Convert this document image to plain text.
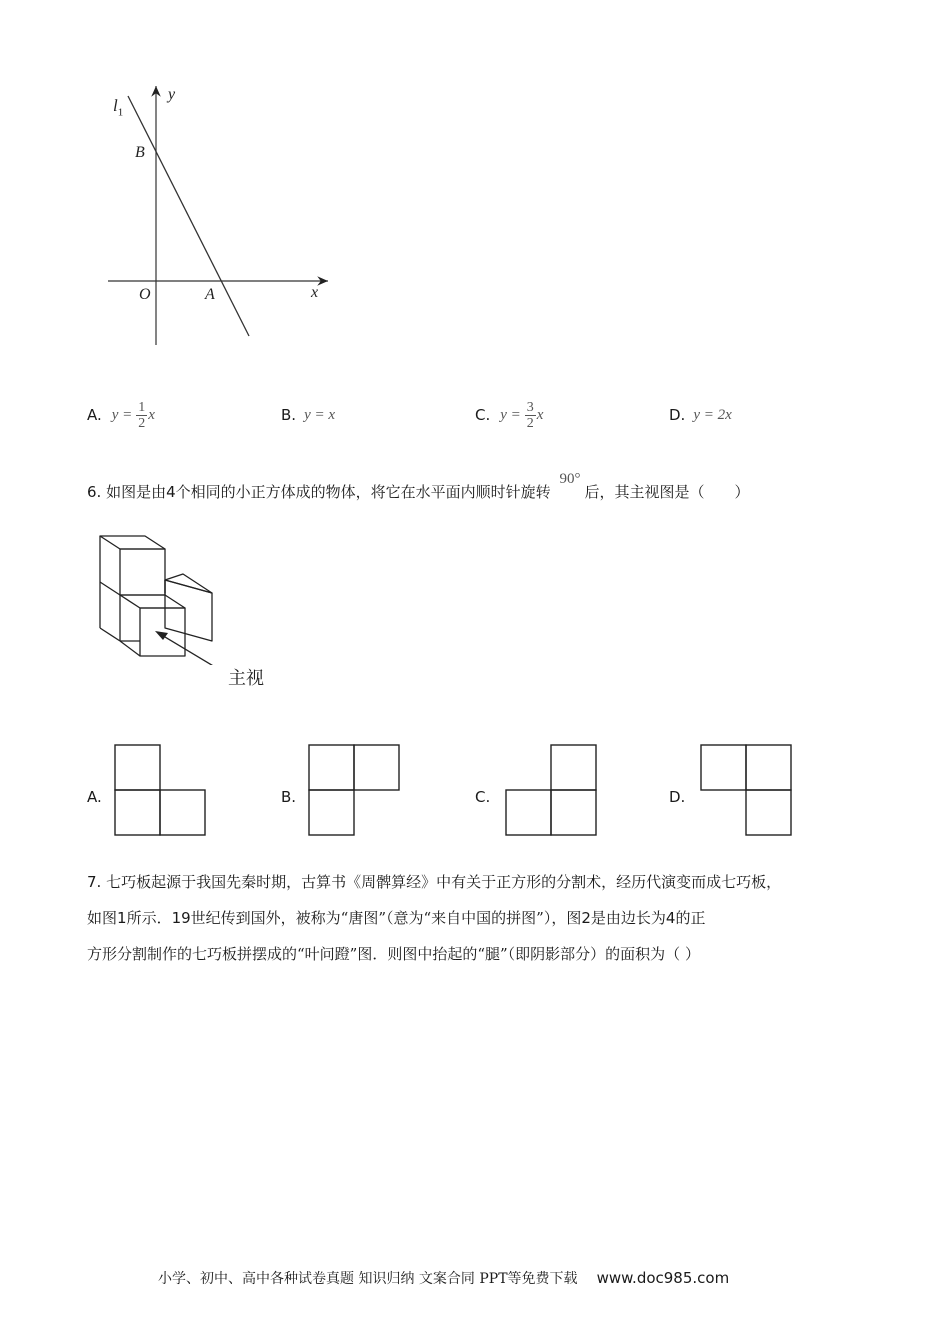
$l_1$
y
x
B
O	A
A. $y = \frac{1}{2}$ x	B. y = x	C. $y = \frac{3}{2}$ x	D. y = 2x
6. 如图是由4个相同的小正方体成的物体，将它在水平面内顺时针旋转 90°后，其主视图是（　　）
主视
A.	B.	C.	D.
7. 七巧板起源于我国先秦时期，古算书《周髀算经》中有关于正方形的分割术，经历代演变而成七巧板，
如图1所示．19世纪传到国外，被称为“唐图”（意为“来自中国的拼图”），图2是由边长为4的正
方形分割制作的七巧板拼摆成的“叶问蹬”图．则图中抬起的“腿”（即阴影部分）的面积为（ ）
小学、初中、高中各种试卷真题 知识归纳 文案合同 PPT等免费下载 www.doc985.com
